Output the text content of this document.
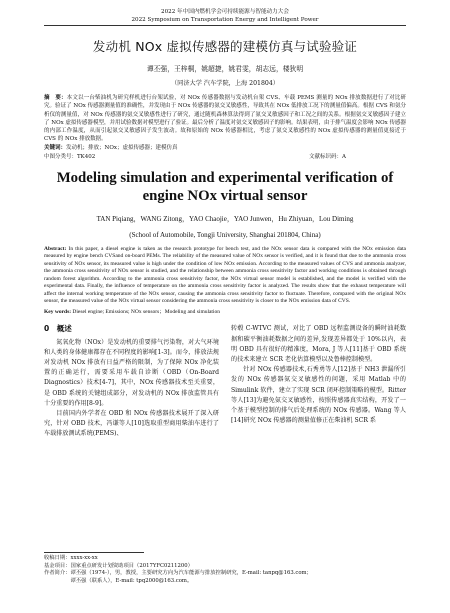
2022 年中国内燃机学会可持续能源与智能动力大会
2022 Symposium on Transportation Energy and Intelligent Power
发动机 NOx 虚拟传感器的建模仿真与试验验证
谭丕强，王梓桐，姚超捷，姚君雯，胡志远，楼狄明
（同济大学 汽车学院，上海 201804）
摘　要：本文以一台柴油机为研究样机进行台架试验，对 NOx 传感器数据与发动机台架 CVS、车载 PEMS 测量的 NOx 排放数据进行了对比研究。验证了 NOx 传感器测量值的准确性，并发现由于 NOx 传感器的氨交叉敏感性，导致其在 NOx 低排放工况下的测量值偏高。根据 CVS 和氨分析仪的测量值，对 NOx 传感器的氨交叉敏感性进行了研究，通过随机森林算法得到了氨交叉敏感因子和工况之间的关系。根据氨交叉敏感因子建立了 NOx 虚拟传感器模型，并用试验数据对模型进行了验证。最后分析了温度对氨交叉敏感因子的影响。结果表明，由于排气温度会影响 NOx 传感器的内部工作温度，从而引起氨交叉敏感因子发生波动。故和原始的 NOx 传感器相比，考虑了氨交叉敏感性的 NOx 虚拟传感器的测量值更接近于 CVS 的 NOx 排放数据。
关键词：发动机；排放；NOx；虚拟传感器；建模仿真
中图分类号：TK402	文献标识码：A
Modeling simulation and experimental verification of
engine NOx virtual sensor
TAN Piqiang，WANG Zitong，YAO Chaojie，YAO Junwen，Hu Zhiyuan，Lou Diming
(School of Automobile, Tongji University, Shanghai 201804, China)
Abstract: In this paper, a diesel engine is taken as the research prototype for bench test, and the NOx sensor data is compared with the NOx emission data measured by engine bench CVSand on-board PEMs. The reliability of the measured value of NOx sensor is verified, and it is found that due to the ammonia cross sensitivity of NOx sensor, its measured value is high under the condition of low NOx emission. According to the measured values of CVS and ammonia analyzer, the ammonia cross sensitivity of NOx sensor is studied, and the relationship between ammonia cross sensitivity factor and working conditions is obtained through random forest algorithm. According to the ammonia cross sensitivity factor, the NOx virtual sensor model is established, and the model is verified with the experimental data. Finally, the influence of temperature on the ammonia cross sensitivity factor is analyzed. The results show that the exhaust temperature will affect the internal working temperature of the NOx sensor, causing the ammonia cross sensitivity factor to fluctuate. Therefore, compared with the original NOx sensor, the measured value of the NOx virtual sensor considering the ammonia cross sensitivity is closer to the NOx emission data of CVS.
Key words: Diesel engine; Emissions; NOx sensors；Modeling and simulation
0　概述

氮氧化物（NOx）是发动机的重要排气污染物，对大气环境和人类的身体健康都存在不同程度的影响[1-3]。而今，排放法规对发动机 NOx 排放有日益严格的限制，为了保障 NOx 净化装置的正确运行，需要采用车载自诊断（OBD（On-Board Diagnostics）技术[4-7]，其中，NOx 传感器技术至关重要，是 OBD 系统的关键组成部分，对发动机的 NOx 排放监管具有十分重要的作用[8-9]。

目前国内外学者在 OBD 和 NOx 传感器技术展开了深入研究，针对 OBD 技术，冯谦等人[10]选取重型商用柴油车进行了车载排放测试系统(PEMS)、

转毂 C-WTVC 测试，对比了 OBD 远程监测设备的瞬时油耗数据和碳平衡油耗数据之间的差异,发现差异都处于 10%以内，表明 OBD 具有很好的精准度，Mora, J 等人[11]基于 OBD 系统的技术来建立 SCR 老化估算模型以及鲁棒控制模型。

针对 NOx 传感器技术,石秀勇等人[12]基于 NH3 泄漏所引发的 NOx 传感器氨交叉敏感性的问题，采用 Matlab 中的 Simulink 软件，建立了实现 SCR 闭环控制策略的模型。Ritter 等人[13]为避免氨交叉敏感性，按照传感器真实结构，开发了一个基于模型控制的排气后处理系统的 NOx 传感器。Wang 等人[14]研究 NOx 传感器的测量值修正在柴油机 SCR 系

收稿日期：xxxx-xx-xx
基金项目：国家重点研发计划资助项目（2017YFC0211200）
作者简介：谭丕强（1974-），男，教授，主要研究方向为汽车能源与排放控制研究，E-mail: tanpq@163.com；
　　　　　谭丕强（联系人），E-mail: tpq2000@163.com。
